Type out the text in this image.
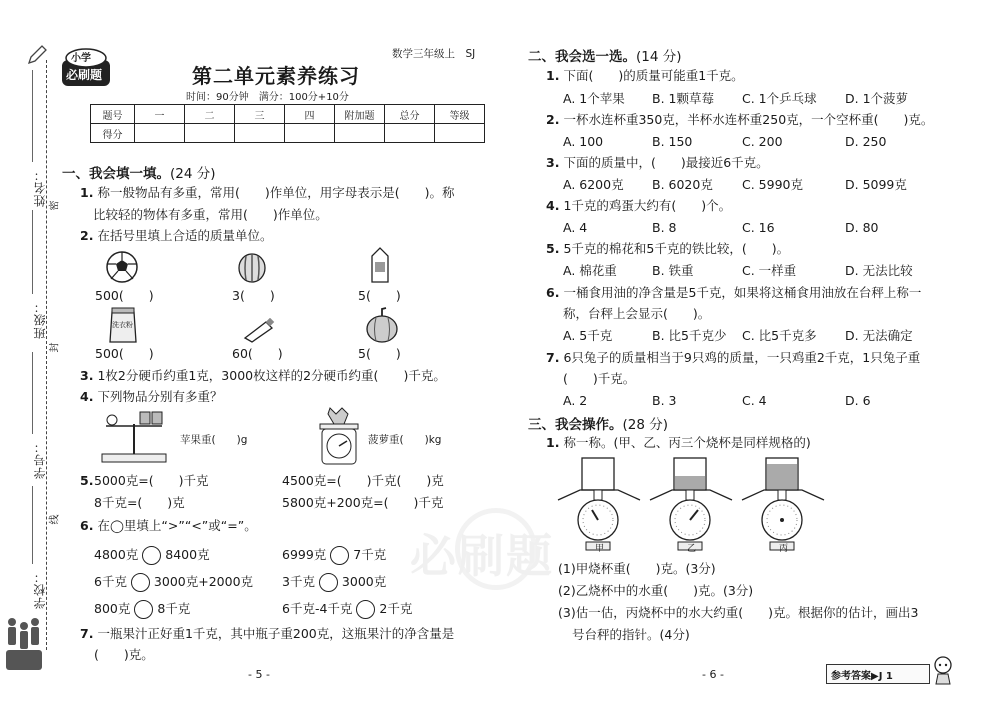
姓名：
班级：
学号：
学校：
密
封
线
小学
必刷题	第二单元素养练习
数学三年级上　SJ
时间：90分钟　满分：100分+10分
题号	一	二	三	四	附加题	总分	等级
得分							
一、我会填一填。(24 分)
1. 称一般物品有多重，常用(　　)作单位，用字母表示是(　　)。称
比较轻的物体有多重，常用(　　)作单位。
2. 在括号里填上合适的质量单位。
500(　　)	3(　　)	5(　　)
洗衣粉
500(　　)	60(　　)	5(　　)
3. 1枚2分硬币约重1克，3000枚这样的2分硬币约重(　　)千克。
4. 下列物品分别有多重？
苹果重(　　)g	菠萝重(　　)kg
5. 5000克=(　　)千克	4500克=(　　)千克(　　)克
8千克=(　　)克	5800克+200克=(　　)千克
6. 在◯里填上“>”“<”或“=”。
4800克 8400克	6999克 7千克
6千克 3000克+2000克 3千克 3000克
800克 8千克	6千克-4千克 2千克
7. 一瓶果汁正好重1千克，其中瓶子重200克，这瓶果汁的净含量是
(　　)克。
- 5 -
必刷题
二、我会选一选。(14 分)
1. 下面(　　)的质量可能重1千克。
A. 1个苹果 B. 1颗草莓 C. 1个乒乓球 D. 1个菠萝
2. 一杯水连杯重350克，半杯水连杯重250克，一个空杯重(　　)克。
A. 100	B. 150	C. 200	D. 250
3. 下面的质量中，(　　)最接近6千克。
A. 6200克 B. 6020克 C. 5990克	D. 5099克
4. 1千克的鸡蛋大约有(　　)个。
A. 4	B. 8	C. 16	D. 80
5. 5千克的棉花和5千克的铁比较，(　　)。
A. 棉花重	B. 铁重	C. 一样重	D. 无法比较
6. 一桶食用油的净含量是5千克，如果将这桶食用油放在台秤上称一
称，台秤上会显示(　　)。
A. 5千克	B. 比5千克少 C. 比5千克多 D. 无法确定
7. 6只兔子的质量相当于9只鸡的质量，一只鸡重2千克，1只兔子重
(　　)千克。
A. 2	B. 3	C. 4	D. 6
三、我会操作。(28 分)
1. 称一称。(甲、乙、丙三个烧杯是同样规格的)
甲	乙	丙
(1)甲烧杯重(　　)克。(3分)
(2)乙烧杯中的水重(　　)克。(3分)
(3)估一估，丙烧杯中的水大约重(　　)克。根据你的估计，画出3
号台秤的指针。(4分)
- 6 -	参考答案▶J 1
